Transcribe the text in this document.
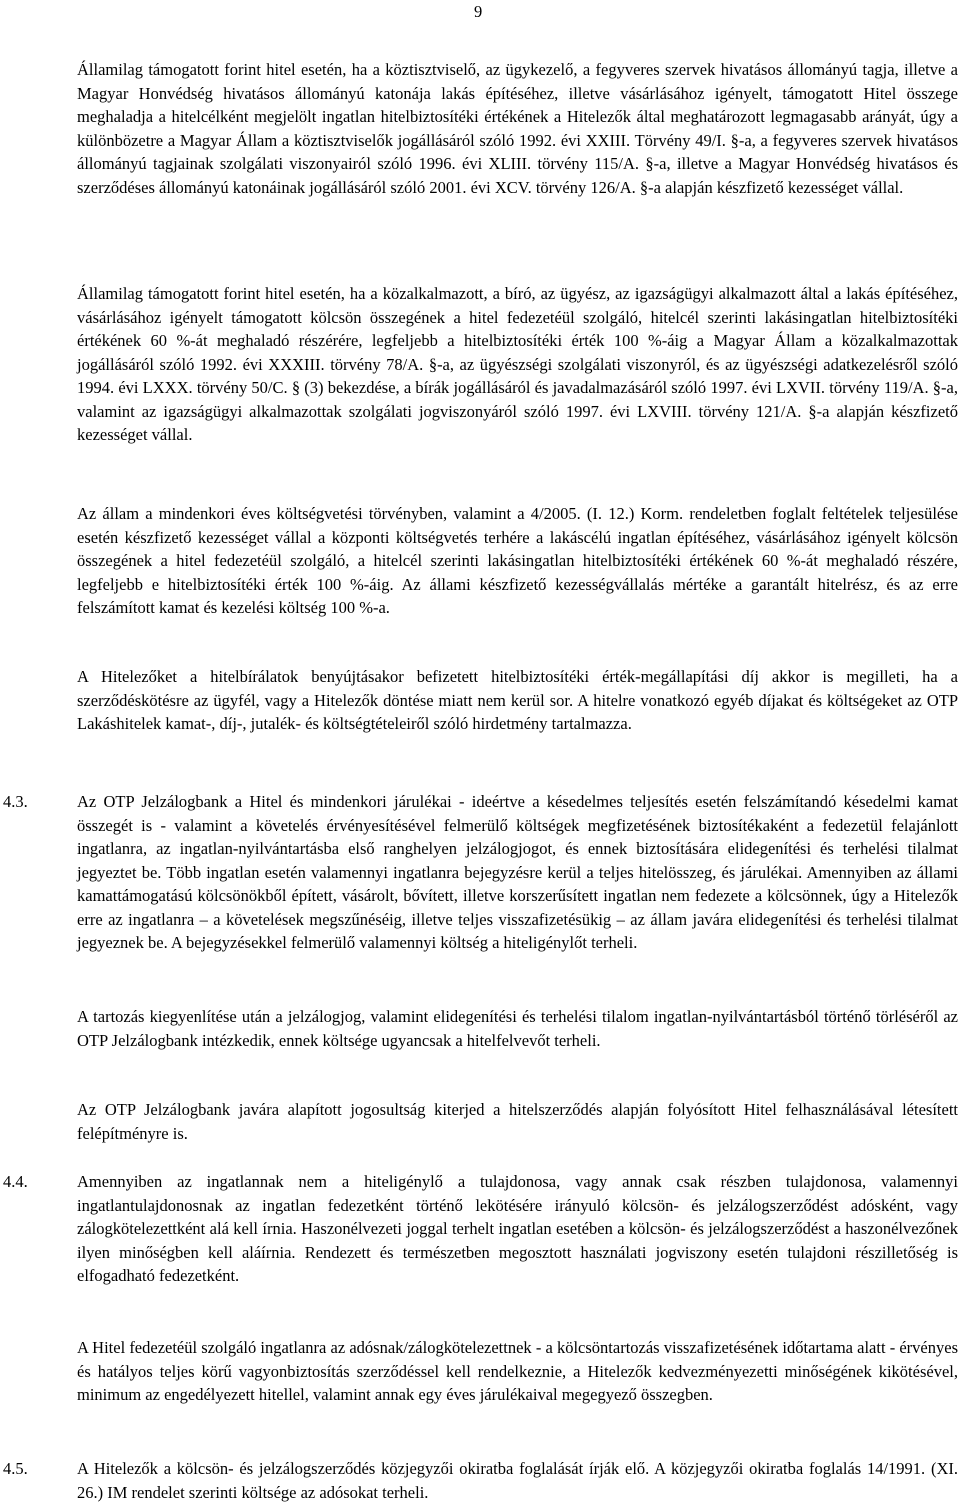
9

Államilag támogatott forint hitel esetén, ha a köztisztviselő, az ügykezelő, a fegyveres szervek hivatásos állományú tagja, illetve a Magyar Honvédség hivatásos állományú katonája lakás építéséhez, illetve vásárlásához igényelt, támogatott Hitel összege meghaladja a hitelcélként megjelölt ingatlan hitelbiztosítéki értékének a Hitelezők által meghatározott legmagasabb arányát, úgy a különbözetre a Magyar Állam a köztisztviselők jogállásáról szóló 1992. évi XXIII. Törvény 49/I. §-a, a fegyveres szervek hivatásos állományú tagjainak szolgálati viszonyairól szóló 1996. évi XLIII. törvény 115/A. §-a, illetve a Magyar Honvédség hivatásos és szerződéses állományú katonáinak jogállásáról szóló 2001. évi XCV. törvény 126/A. §-a alapján készfizető kezességet vállal.

Államilag támogatott forint hitel esetén, ha a közalkalmazott, a bíró, az ügyész, az igazságügyi alkalmazott által a lakás építéséhez, vásárlásához igényelt támogatott kölcsön összegének a hitel fedezetéül szolgáló, hitelcél szerinti lakásingatlan hitelbiztosítéki értékének 60 %-át meghaladó részérére, legfeljebb a hitelbiztosítéki érték 100 %-áig a Magyar Állam a közalkalmazottak jogállásáról szóló 1992. évi XXXIII. törvény 78/A. §-a, az ügyészségi szolgálati viszonyról, és az ügyészségi adatkezelésről szóló 1994. évi LXXX. törvény 50/C. § (3) bekezdése, a bírák jogállásáról és javadalmazásáról szóló 1997. évi LXVII. törvény 119/A. §-a, valamint az igazságügyi alkalmazottak szolgálati jogviszonyáról szóló 1997. évi LXVIII. törvény 121/A. §-a alapján készfizető kezességet vállal.

Az állam a mindenkori éves költségvetési törvényben, valamint a 4/2005. (I. 12.) Korm. rendeletben foglalt feltételek teljesülése esetén készfizető kezességet vállal a központi költségvetés terhére a lakáscélú ingatlan építéséhez, vásárlásához igényelt kölcsön összegének a hitel fedezetéül szolgáló, a hitelcél szerinti lakásingatlan hitelbiztosítéki értékének 60 %-át meghaladó részére, legfeljebb e hitelbiztosítéki érték 100 %-áig. Az állami készfizető kezességvállalás mértéke a garantált hitelrész, és az erre felszámított kamat és kezelési költség 100 %-a.

A Hitelezőket a hitelbírálatok benyújtásakor befizetett hitelbiztosítéki érték-megállapítási díj akkor is megilleti, ha a szerződéskötésre az ügyfél, vagy a Hitelezők döntése miatt nem kerül sor. A hitelre vonatkozó egyéb díjakat és költségeket az OTP Lakáshitelek kamat-, díj-, jutalék- és költségtételeiről szóló hirdetmény tartalmazza.

4.3.	Az OTP Jelzálogbank a Hitel és mindenkori járulékai - ideértve a késedelmes teljesítés esetén felszámítandó késedelmi kamat összegét is - valamint a követelés érvényesítésével felmerülő költségek megfizetésének biztosítékaként a fedezetül felajánlott ingatlanra, az ingatlan-nyilvántartásba első ranghelyen jelzálogjogot, és ennek biztosítására elidegenítési és terhelési tilalmat jegyeztet be. Több ingatlan esetén valamennyi ingatlanra bejegyzésre kerül a teljes hitelösszeg, és járulékai. Amennyiben az állami kamattámogatású kölcsönökből épített, vásárolt, bővített, illetve korszerűsített ingatlan nem fedezete a kölcsönnek, úgy a Hitelezők erre az ingatlanra – a követelések megszűnéséig, illetve teljes visszafizetésükig – az állam javára elidegenítési és terhelési tilalmat jegyeznek be. A bejegyzésekkel felmerülő valamennyi költség a hiteligénylőt terheli.

A tartozás kiegyenlítése után a jelzálogjog, valamint elidegenítési és terhelési tilalom ingatlan-nyilvántartásból történő törléséről az OTP Jelzálogbank intézkedik, ennek költsége ugyancsak a hitelfelvevőt terheli.

Az OTP Jelzálogbank javára alapított jogosultság kiterjed a hitelszerződés alapján folyósított Hitel felhasználásával létesített felépítményre is.

4.4.	Amennyiben az ingatlannak nem a hiteligénylő a tulajdonosa, vagy annak csak részben tulajdonosa, valamennyi ingatlantulajdonosnak az ingatlan fedezetként történő lekötésére irányuló kölcsön- és jelzálogszerződést adósként, vagy zálogkötelezettként alá kell írnia. Haszonélvezeti joggal terhelt ingatlan esetében a kölcsön- és jelzálogszerződést a haszonélvezőnek ilyen minőségben kell aláírnia. Rendezett és természetben megosztott használati jogviszony esetén tulajdoni részilletőség is elfogadható fedezetként.

A Hitel fedezetéül szolgáló ingatlanra az adósnak/zálogkötelezettnek - a kölcsöntartozás visszafizetésének időtartama alatt - érvényes és hatályos teljes körű vagyonbiztosítás szerződéssel kell rendelkeznie, a Hitelezők kedvezményezetti minőségének kikötésével, minimum az engedélyezett hitellel, valamint annak egy éves járulékaival megegyező összegben.

4.5.	A Hitelezők a kölcsön- és jelzálogszerződés közjegyzői okiratba foglalását írják elő. A közjegyzői okiratba foglalás 14/1991. (XI. 26.) IM rendelet szerinti költsége az adósokat terheli.
